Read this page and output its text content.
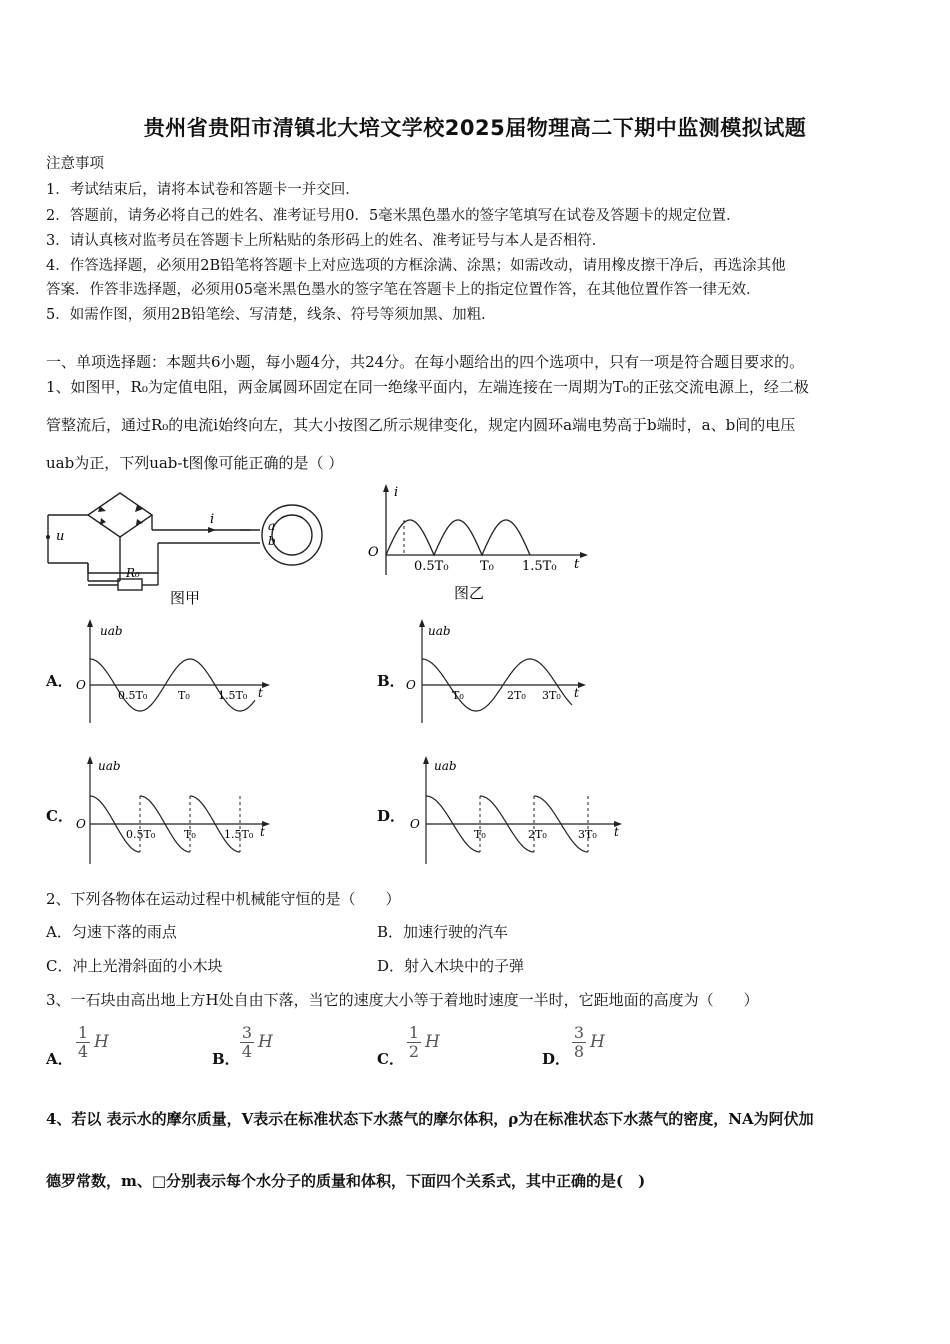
贵州省贵阳市清镇北大培文学校2025届物理高二下期中监测模拟试题
注意事项
1．考试结束后，请将本试卷和答题卡一并交回．
2．答题前，请务必将自己的姓名、准考证号用0．5毫米黑色墨水的签字笔填写在试卷及答题卡的规定位置．
3．请认真核对监考员在答题卡上所粘贴的条形码上的姓名、准考证号与本人是否相符．
4．作答选择题，必须用2B铅笔将答题卡上对应选项的方框涂满、涂黑；如需改动，请用橡皮擦干净后，再选涂其他
答案．作答非选择题，必须用05毫米黑色墨水的签字笔在答题卡上的指定位置作答，在其他位置作答一律无效．
5．如需作图，须用2B铅笔绘、写清楚，线条、符号等须加黑、加粗．
一、单项选择题：本题共6小题，每小题4分，共24分。在每小题给出的四个选项中，只有一项是符合题目要求的。
1、如图甲，R₀为定值电阻，两金属圆环固定在同一绝缘平面内，左端连接在一周期为T₀的正弦交流电源上，经二极
管整流后，通过R₀的电流i始终向左，其大小按图乙所示规律变化，规定内圆环a端电势高于b端时，a、b间的电压
uab为正，下列uab-t图像可能正确的是（ ）
u
i
R₀
a
b
图甲
i
O
t
0.5T₀ T₀ 1.5T₀
图乙
A．	B．
C．	D．
uab
O
t
0.5T₀	T₀	1.5T₀
uab
O
t
T₀	2T₀ 3T₀
uab
O
t
0.5T₀	T₀	1.5T₀
uab
O
t
T₀	2T₀	3T₀
2、下列各物体在运动过程中机械能守恒的是（　　）
A．匀速下落的雨点	B．加速行驶的汽车
C．冲上光滑斜面的小木块	D．射入木块中的子弹
3、一石块由高出地上方H处自由下落，当它的速度大小等于着地时速度一半时，它距地面的高度为（　　）
A．
1
4 H
B．
3
4 H
C．
1
2 H
D．
3
8 H
4、若以 表示水的摩尔质量，V表示在标准状态下水蒸气的摩尔体积，ρ为在标准状态下水蒸气的密度，NA为阿伏加
德罗常数，m、□分别表示每个水分子的质量和体积，下面四个关系式，其中正确的是(　)
